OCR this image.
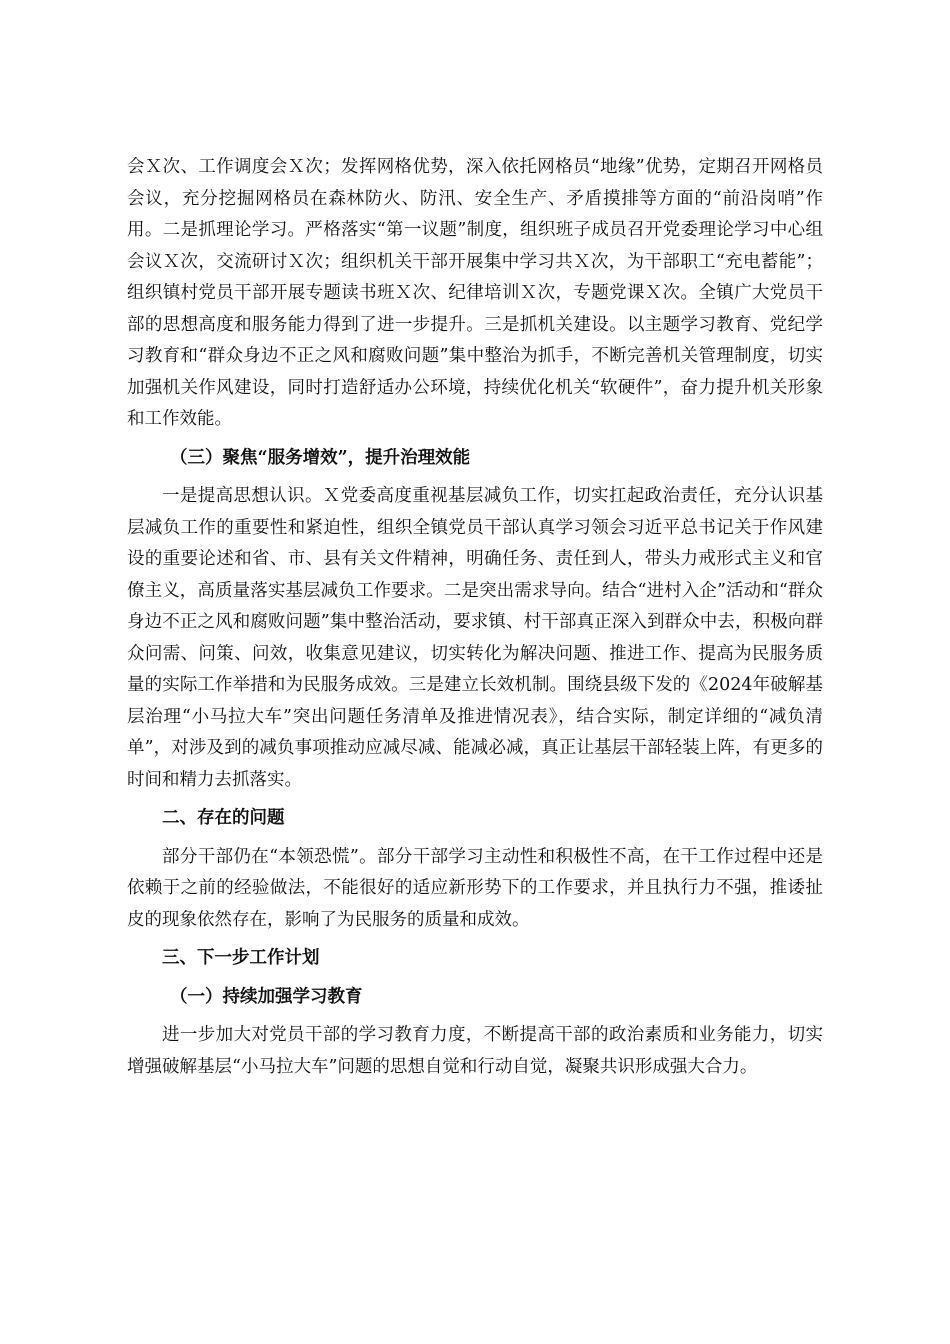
会Ｘ次、工作调度会Ｘ次；发挥网格优势，深入依托网格员“地缘”优势，定期召开网格员会议，充分挖掘网格员在森林防火、防汛、安全生产、矛盾摸排等方面的“前沿岗哨”作用。二是抓理论学习。严格落实“第一议题”制度，组织班子成员召开党委理论学习中心组会议Ｘ次，交流研讨Ｘ次；组织机关干部开展集中学习共Ｘ次，为干部职工“充电蓄能”；组织镇村党员干部开展专题读书班Ｘ次、纪律培训Ｘ次，专题党课Ｘ次。全镇广大党员干部的思想高度和服务能力得到了进一步提升。三是抓机关建设。以主题学习教育、党纪学习教育和“群众身边不正之风和腐败问题”集中整治为抓手，不断完善机关管理制度，切实加强机关作风建设，同时打造舒适办公环境，持续优化机关“软硬件”，奋力提升机关形象和工作效能。

（三）聚焦“服务增效”，提升治理效能

一是提高思想认识。Ｘ党委高度重视基层减负工作，切实扛起政治责任，充分认识基层减负工作的重要性和紧迫性，组织全镇党员干部认真学习领会习近平总书记关于作风建设的重要论述和省、市、县有关文件精神，明确任务、责任到人，带头力戒形式主义和官僚主义，高质量落实基层减负工作要求。二是突出需求导向。结合“进村入企”活动和“群众身边不正之风和腐败问题”集中整治活动，要求镇、村干部真正深入到群众中去，积极向群众问需、问策、问效，收集意见建议，切实转化为解决问题、推进工作、提高为民服务质量的实际工作举措和为民服务成效。三是建立长效机制。围绕县级下发的《2024年破解基层治理“小马拉大车”突出问题任务清单及推进情况表》，结合实际，制定详细的“减负清单”，对涉及到的减负事项推动应减尽减、能减必减，真正让基层干部轻装上阵，有更多的时间和精力去抓落实。

二、存在的问题

部分干部仍在“本领恐慌”。部分干部学习主动性和积极性不高，在干工作过程中还是依赖于之前的经验做法，不能很好的适应新形势下的工作要求，并且执行力不强，推诿扯皮的现象依然存在，影响了为民服务的质量和成效。

三、下一步工作计划
（一）持续加强学习教育

进一步加大对党员干部的学习教育力度，不断提高干部的政治素质和业务能力，切实增强破解基层“小马拉大车”问题的思想自觉和行动自觉，凝聚共识形成强大合力。
